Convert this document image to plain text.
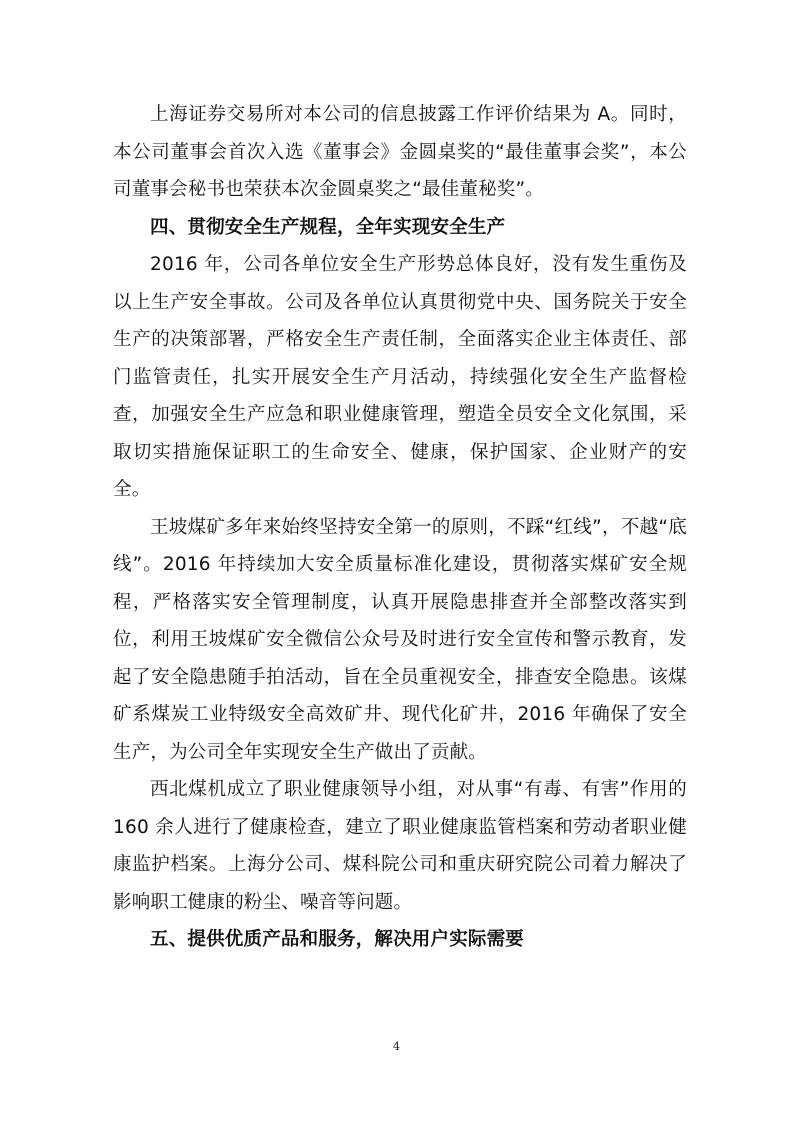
上海证券交易所对本公司的信息披露工作评价结果为 A。同时，本公司董事会首次入选《董事会》金圆桌奖的“最佳董事会奖”，本公司董事会秘书也荣获本次金圆桌奖之“最佳董秘奖”。

四、贯彻安全生产规程，全年实现安全生产

2016 年，公司各单位安全生产形势总体良好，没有发生重伤及以上生产安全事故。公司及各单位认真贯彻党中央、国务院关于安全生产的决策部署，严格安全生产责任制，全面落实企业主体责任、部门监管责任，扎实开展安全生产月活动，持续强化安全生产监督检查，加强安全生产应急和职业健康管理，塑造全员安全文化氛围，采取切实措施保证职工的生命安全、健康，保护国家、企业财产的安全。

王坡煤矿多年来始终坚持安全第一的原则，不踩“红线”，不越“底线”。2016 年持续加大安全质量标准化建设，贯彻落实煤矿安全规程，严格落实安全管理制度，认真开展隐患排查并全部整改落实到位，利用王坡煤矿安全微信公众号及时进行安全宣传和警示教育，发起了安全隐患随手拍活动，旨在全员重视安全，排查安全隐患。该煤矿系煤炭工业特级安全高效矿井、现代化矿井，2016 年确保了安全生产，为公司全年实现安全生产做出了贡献。

西北煤机成立了职业健康领导小组，对从事“有毒、有害”作用的 160 余人进行了健康检查，建立了职业健康监管档案和劳动者职业健康监护档案。上海分公司、煤科院公司和重庆研究院公司着力解决了影响职工健康的粉尘、噪音等问题。

五、提供优质产品和服务，解决用户实际需要

4
